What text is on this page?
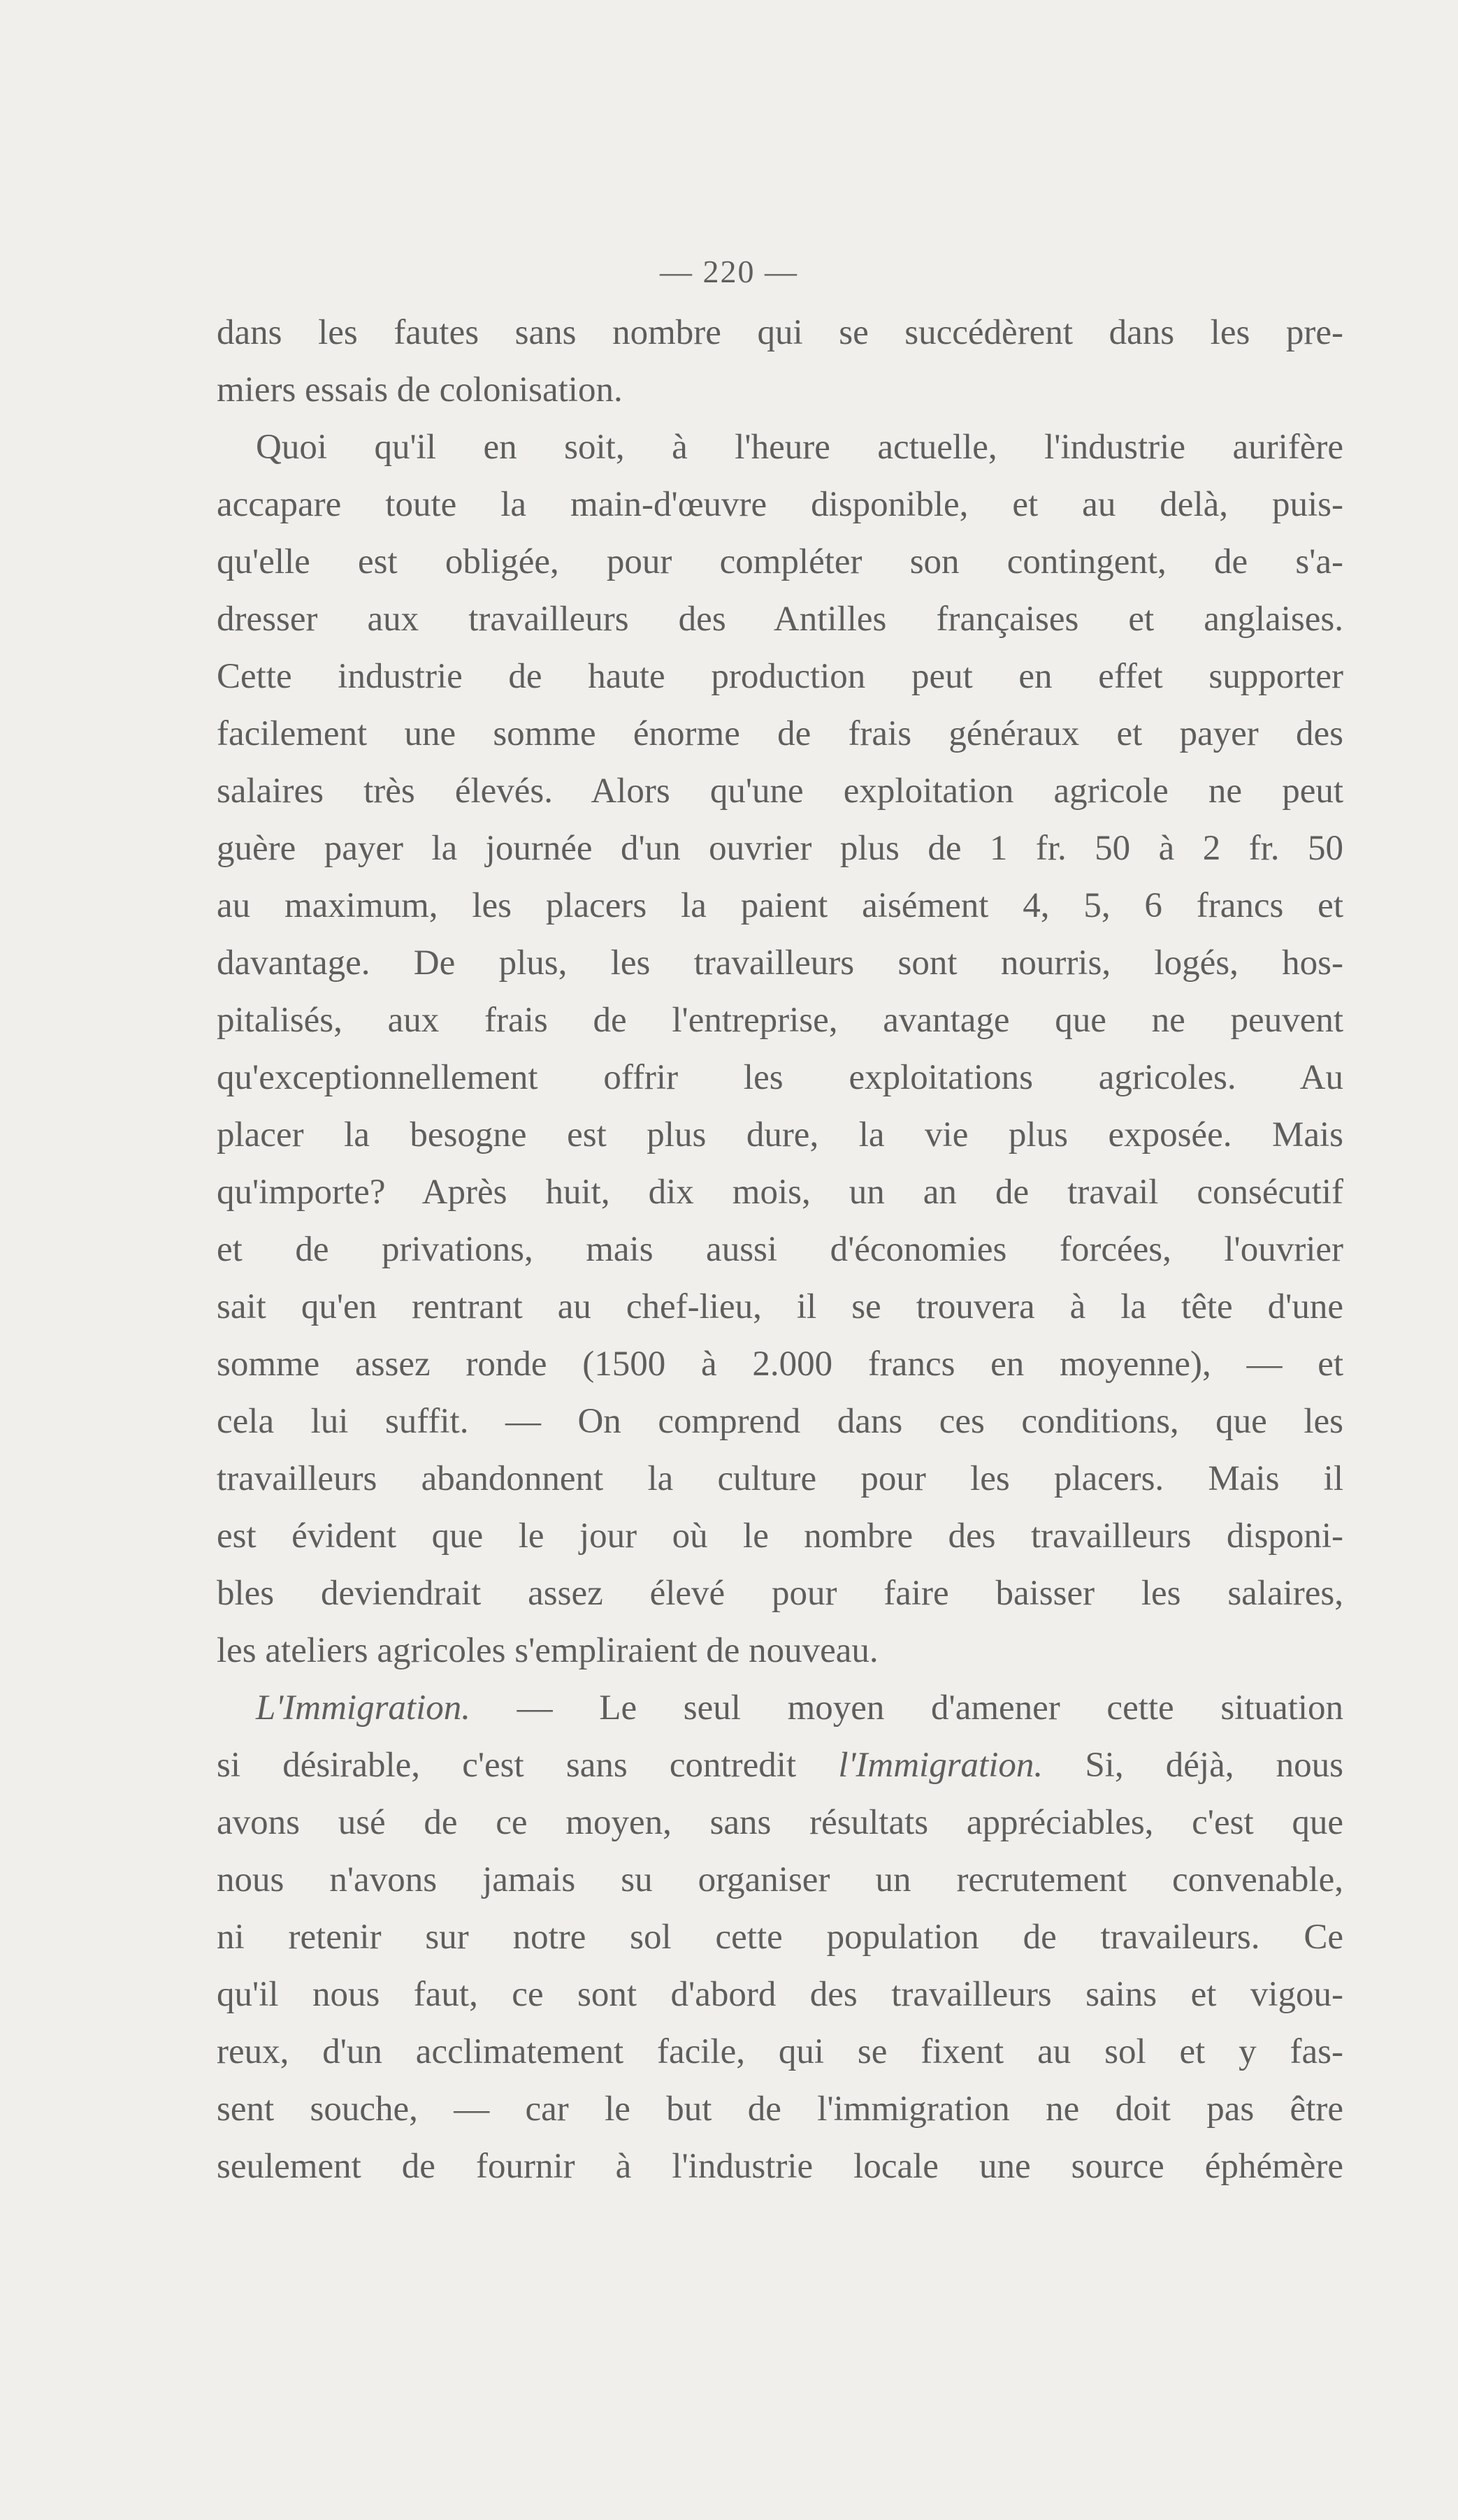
— 220 —
dans les fautes sans nombre qui se succédèrent dans les pre-
miers essais de colonisation.
Quoi qu'il en soit, à l'heure actuelle, l'industrie aurifère
accapare toute la main-d'œuvre disponible, et au delà, puis-
qu'elle est obligée, pour compléter son contingent, de s'a-
dresser aux travailleurs des Antilles françaises et anglaises.
Cette industrie de haute production peut en effet supporter
facilement une somme énorme de frais généraux et payer des
salaires très élevés. Alors qu'une exploitation agricole ne peut
guère payer la journée d'un ouvrier plus de 1 fr. 50 à 2 fr. 50
au maximum, les placers la paient aisément 4, 5, 6 francs et
davantage. De plus, les travailleurs sont nourris, logés, hos-
pitalisés, aux frais de l'entreprise, avantage que ne peuvent
qu'exceptionnellement offrir les exploitations agricoles. Au
placer la besogne est plus dure, la vie plus exposée. Mais
qu'importe? Après huit, dix mois, un an de travail consécutif
et de privations, mais aussi d'économies forcées, l'ouvrier
sait qu'en rentrant au chef-lieu, il se trouvera à la tête d'une
somme assez ronde (1500 à 2.000 francs en moyenne), — et
cela lui suffit. — On comprend dans ces conditions, que les
travailleurs abandonnent la culture pour les placers. Mais il
est évident que le jour où le nombre des travailleurs disponi-
bles deviendrait assez élevé pour faire baisser les salaires,
les ateliers agricoles s'empliraient de nouveau.
L'Immigration. — Le seul moyen d'amener cette situation
si désirable, c'est sans contredit l'Immigration. Si, déjà, nous
avons usé de ce moyen, sans résultats appréciables, c'est que
nous n'avons jamais su organiser un recrutement convenable,
ni retenir sur notre sol cette population de travaileurs. Ce
qu'il nous faut, ce sont d'abord des travailleurs sains et vigou-
reux, d'un acclimatement facile, qui se fixent au sol et y fas-
sent souche, — car le but de l'immigration ne doit pas être
seulement de fournir à l'industrie locale une source éphémère
